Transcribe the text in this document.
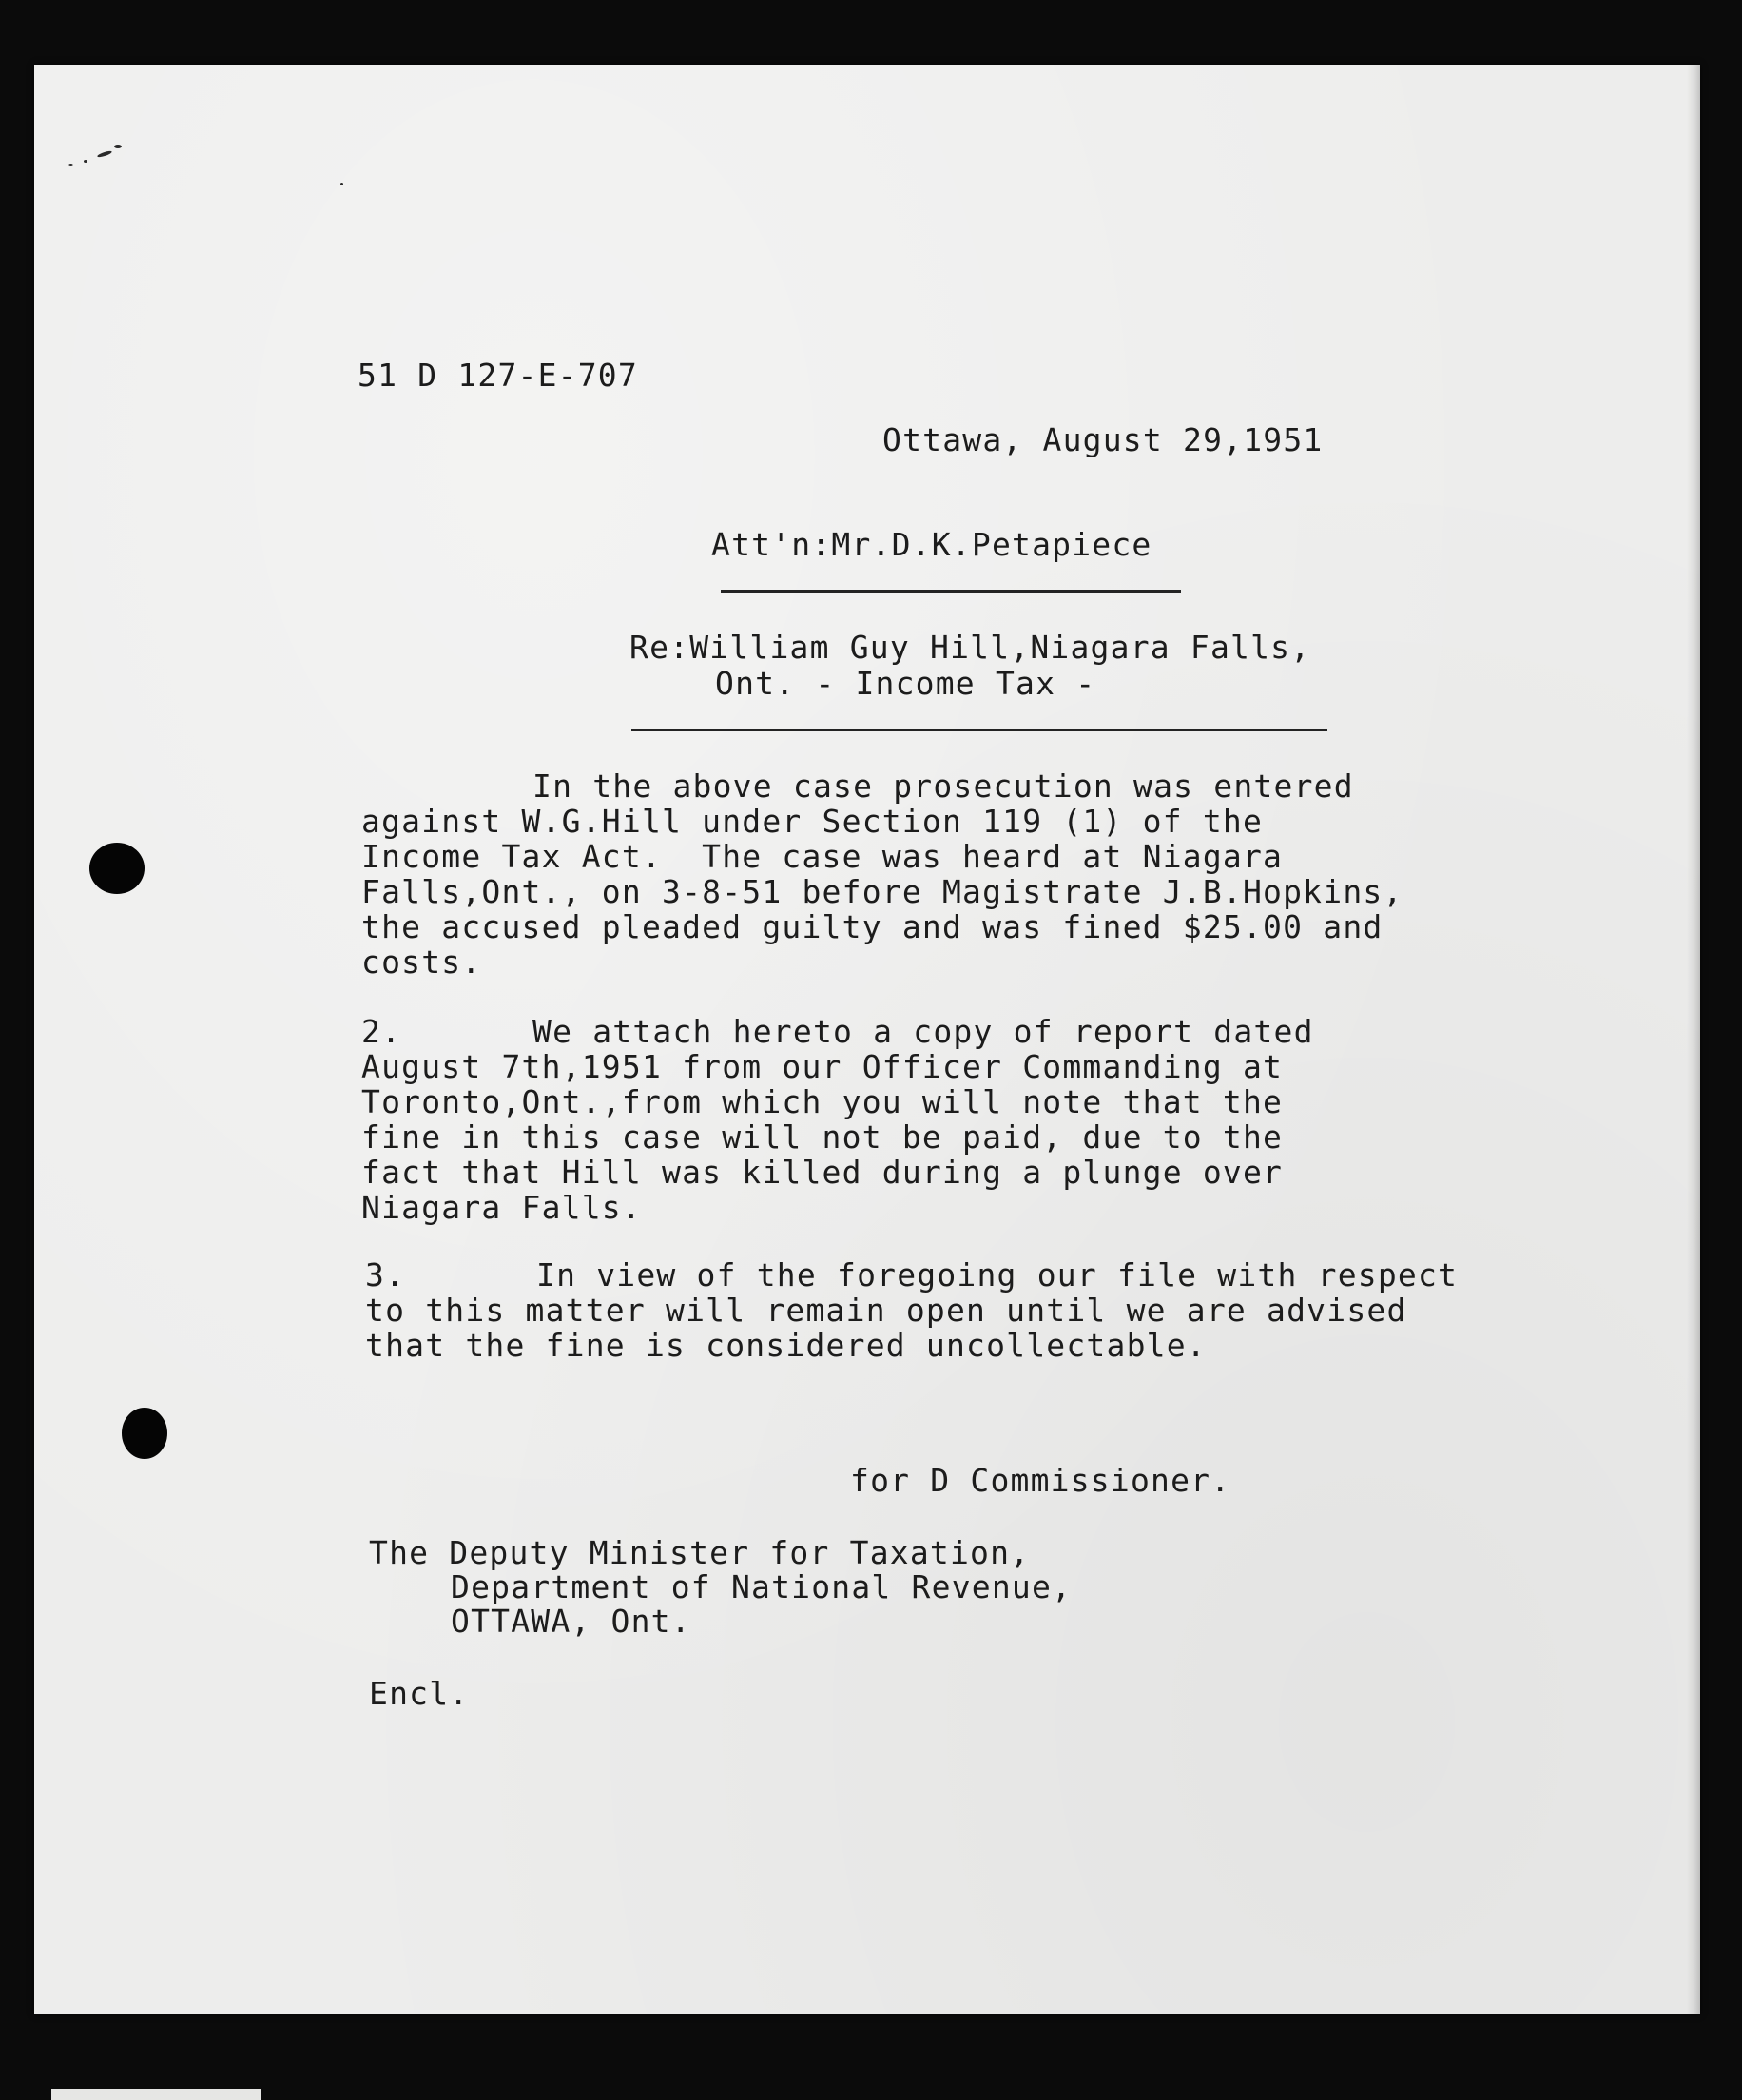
51 D 127-E-707
Ottawa, August 29,1951
Att'n:Mr.D.K.Petapiece
Re:William Guy Hill,Niagara Falls,
Ont. - Income Tax -
In the above case prosecution was entered
against W.G.Hill under Section 119 (1) of the
Income Tax Act.  The case was heard at Niagara
Falls,Ont., on 3-8-51 before Magistrate J.B.Hopkins,
the accused pleaded guilty and was fined $25.00 and
costs.
2.	We attach hereto a copy of report dated
August 7th,1951 from our Officer Commanding at
Toronto,Ont.,from which you will note that the
fine in this case will not be paid, due to the
fact that Hill was killed during a plunge over
Niagara Falls.
3.	In view of the foregoing our file with respect
to this matter will remain open until we are advised
that the fine is considered uncollectable.
for D Commissioner.
The Deputy Minister for Taxation,
Department of National Revenue,
OTTAWA, Ont.
Encl.
